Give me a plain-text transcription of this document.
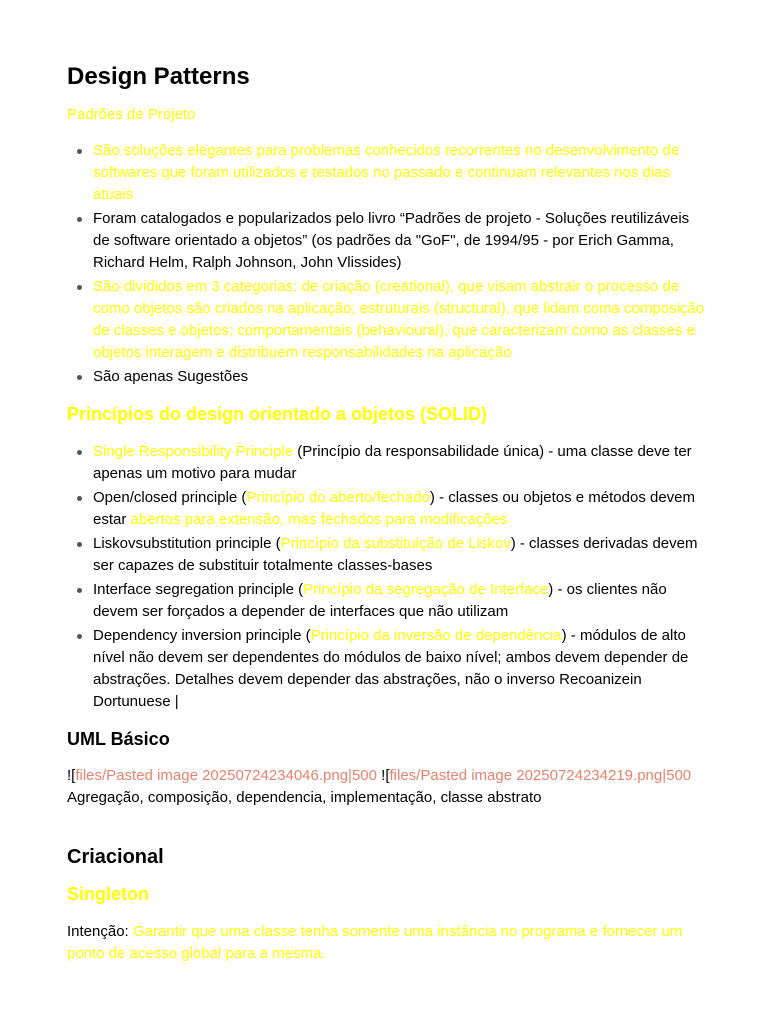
Design Patterns

Padrões de Projeto

São soluções elegantes para problemas conhecidos recorrentes no desenvolvimento de softwares que foram utilizados e testados no passado e continuam relevantes nos dias atuais
Foram catalogados e popularizados pelo livro “Padrões de projeto - Soluções reutilizáveis de software orientado a objetos” (os padrões da "GoF", de 1994/95 - por Erich Gamma, Richard Helm, Ralph Johnson, John Vlissides)
São divididos em 3 categorias: de criação (creational), que visam abstrair o processo de como objetos são criados na aplicação; estruturais (structural), que lidam coma composição de classes e objetos; comportamentais (behavioural), que caracterizam como as classes e objetos interagem e distribuem responsabilidades na aplicação
São apenas Sugestões
Princípios do design orientado a objetos (SOLID)
Single Responsibility Principle (Princípio da responsabilidade única) - uma classe deve ter apenas um motivo para mudar
Open/closed principle (Princípio do aberto/fechado) - classes ou objetos e métodos devem estar abertos para extensão, mas fechados para modificações
Liskovsubstitution principle (Princípio da substituição de Liskov) - classes derivadas devem ser capazes de substituir totalmente classes-bases
Interface segregation principle (Princípio da segregação de Interface) - os clientes não devem ser forçados a depender de interfaces que não utilizam
Dependency inversion principle (Princípio da inversão de dependência) - módulos de alto nível não devem ser dependentes do módulos de baixo nível; ambos devem depender de abstrações. Detalhes devem depender das abstrações, não o inverso Recoanizein Dortunuese |
UML Básico

![files/Pasted image 20250724234046.png|500 ![files/Pasted image 20250724234219.png|500 Agregação, composição, dependencia, implementação, classe abstrato

Criacional
Singleton

Intenção: Garantir que uma classe tenha somente uma instância no programa e fornecer um ponto de acesso global para a mesma.
